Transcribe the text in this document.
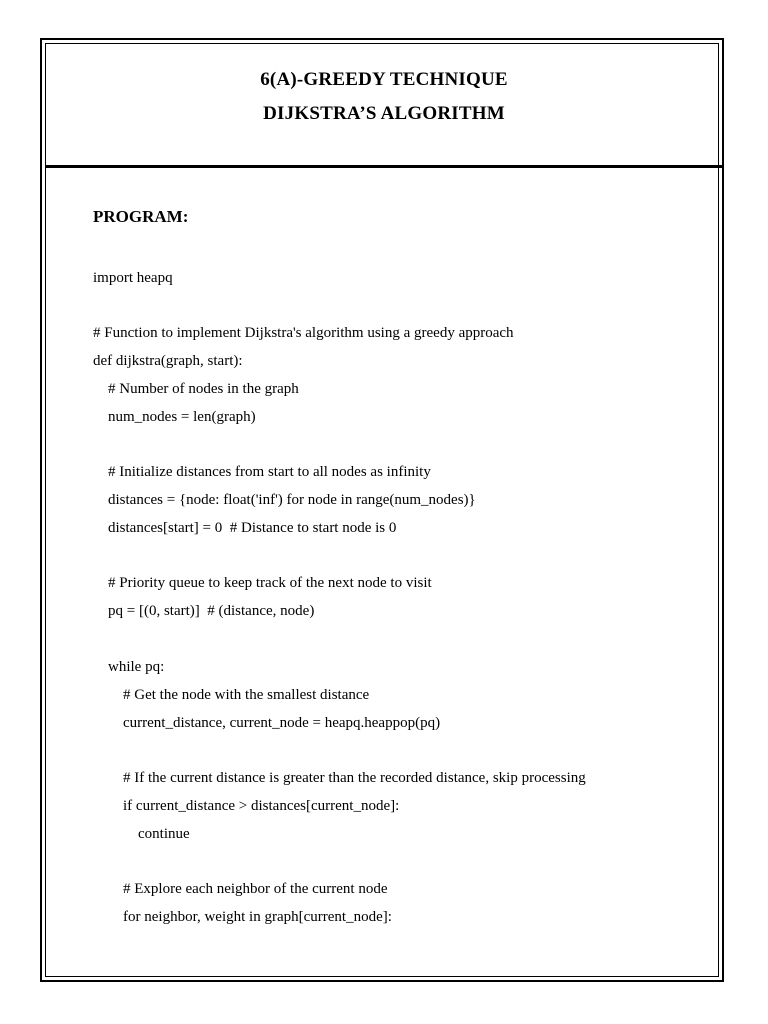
6(A)-GREEDY TECHNIQUE
DIJKSTRA’S ALGORITHM
PROGRAM:
import heapq
# Function to implement Dijkstra's algorithm using a greedy approach
def dijkstra(graph, start):
# Number of nodes in the graph
num_nodes = len(graph)
# Initialize distances from start to all nodes as infinity
distances = {node: float('inf') for node in range(num_nodes)}
distances[start] = 0  # Distance to start node is 0
# Priority queue to keep track of the next node to visit
pq = [(0, start)]  # (distance, node)
while pq:
# Get the node with the smallest distance
current_distance, current_node = heapq.heappop(pq)
# If the current distance is greater than the recorded distance, skip processing
if current_distance > distances[current_node]:
continue
# Explore each neighbor of the current node
for neighbor, weight in graph[current_node]:
